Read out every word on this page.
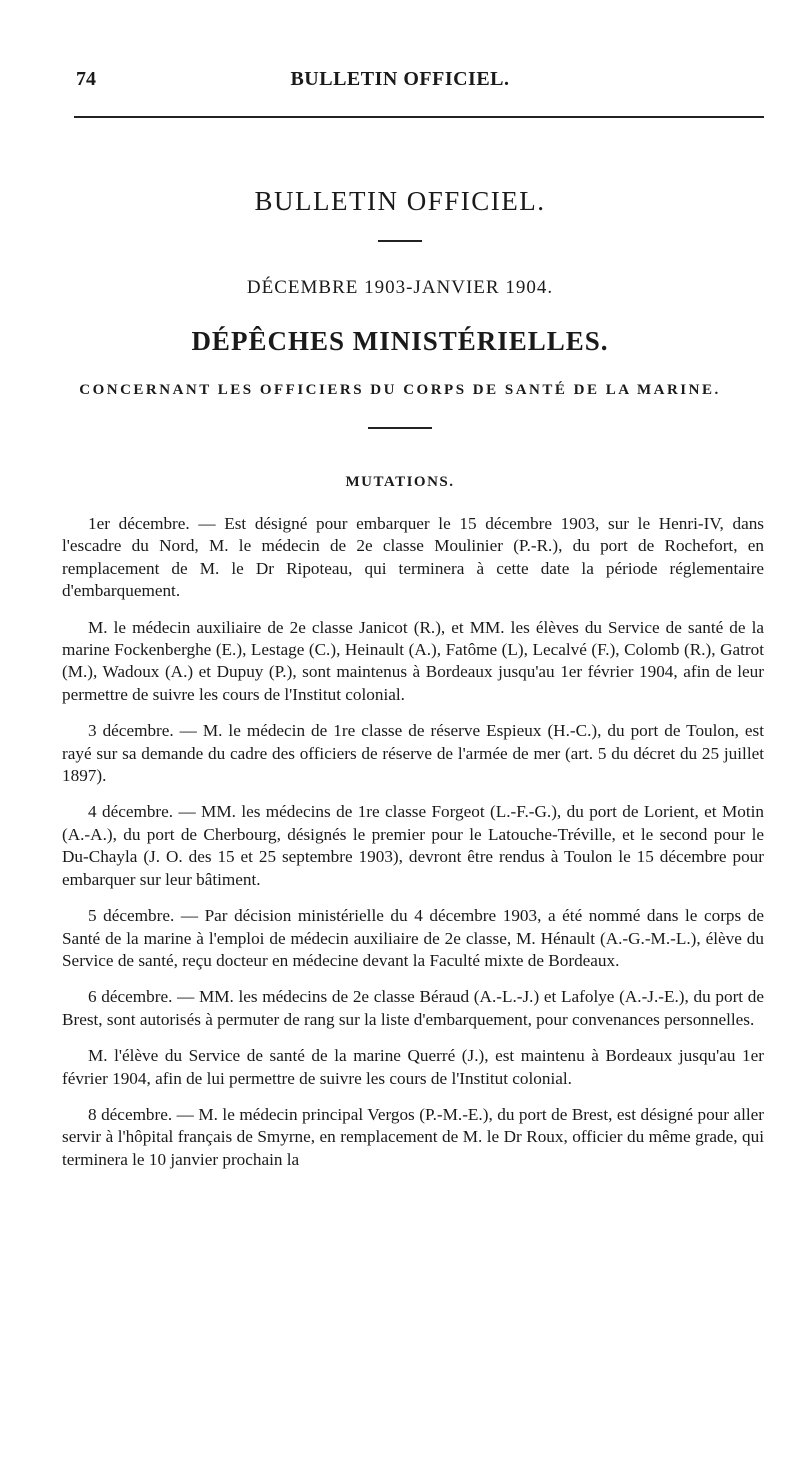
74	BULLETIN OFFICIEL.
BULLETIN OFFICIEL.
DÉCEMBRE 1903-JANVIER 1904.
DÉPÊCHES MINISTÉRIELLES.
CONCERNANT LES OFFICIERS DU CORPS DE SANTÉ DE LA MARINE.
MUTATIONS.

1er décembre. — Est désigné pour embarquer le 15 décembre 1903, sur le Henri-IV, dans l'escadre du Nord, M. le médecin de 2e classe Moulinier (P.-R.), du port de Rochefort, en remplacement de M. le Dr Ripoteau, qui terminera à cette date la période réglementaire d'embarquement.

M. le médecin auxiliaire de 2e classe Janicot (R.), et MM. les élèves du Service de santé de la marine Fockenberghe (E.), Lestage (C.), Heinault (A.), Fatôme (L), Lecalvé (F.), Colomb (R.), Gatrot (M.), Wadoux (A.) et Dupuy (P.), sont maintenus à Bordeaux jusqu'au 1er février 1904, afin de leur permettre de suivre les cours de l'Institut colonial.

3 décembre. — M. le médecin de 1re classe de réserve Espieux (H.-C.), du port de Toulon, est rayé sur sa demande du cadre des officiers de réserve de l'armée de mer (art. 5 du décret du 25 juillet 1897).

4 décembre. — MM. les médecins de 1re classe Forgeot (L.-F.-G.), du port de Lorient, et Motin (A.-A.), du port de Cherbourg, désignés le premier pour le Latouche-Tréville, et le second pour le Du-Chayla (J. O. des 15 et 25 septembre 1903), devront être rendus à Toulon le 15 décembre pour embarquer sur leur bâtiment.

5 décembre. — Par décision ministérielle du 4 décembre 1903, a été nommé dans le corps de Santé de la marine à l'emploi de médecin auxiliaire de 2e classe, M. Hénault (A.-G.-M.-L.), élève du Service de santé, reçu docteur en médecine devant la Faculté mixte de Bordeaux.

6 décembre. — MM. les médecins de 2e classe Béraud (A.-L.-J.) et Lafolye (A.-J.-E.), du port de Brest, sont autorisés à permuter de rang sur la liste d'embarquement, pour convenances personnelles.

M. l'élève du Service de santé de la marine Querré (J.), est maintenu à Bordeaux jusqu'au 1er février 1904, afin de lui permettre de suivre les cours de l'Institut colonial.

8 décembre. — M. le médecin principal Vergos (P.-M.-E.), du port de Brest, est désigné pour aller servir à l'hôpital français de Smyrne, en remplacement de M. le Dr Roux, officier du même grade, qui terminera le 10 janvier prochain la
